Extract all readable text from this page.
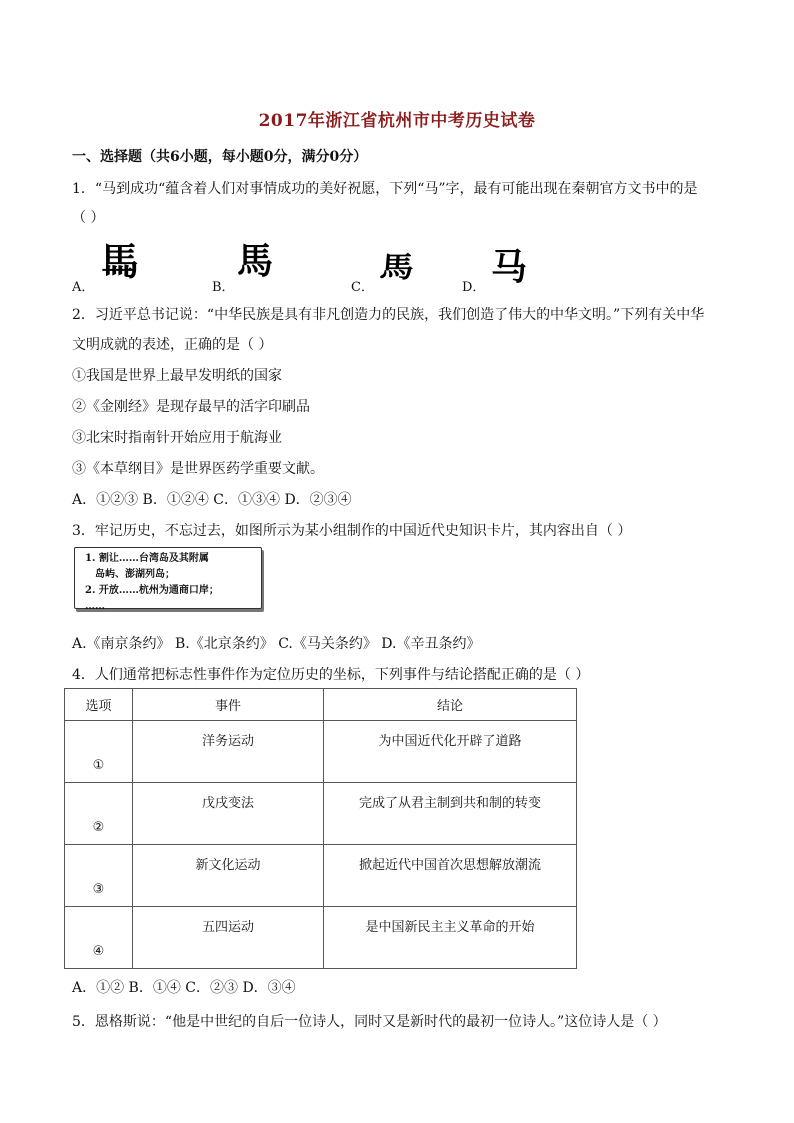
2017年浙江省杭州市中考历史试卷
一、选择题（共6小题，每小题0分，满分0分）
1．“马到成功“蕴含着人们对事情成功的美好祝愿，下列“马”字，最有可能出现在秦朝官方文书中的是
（ ）
A．
𩡧
B．
馬
C．
馬
D． 马
2．习近平总书记说：“中华民族是具有非凡创造力的民族，我们创造了伟大的中华文明。”下列有关中华
文明成就的表述，正确的是（ ）
①我国是世界上最早发明纸的国家
②《金刚经》是现存最早的活字印刷品
③北宋时指南针开始应用于航海业
③《本草纲目》是世界医药学重要文献。
A．①②③ B．①②④ C．①③④ D．②③④
3．牢记历史，不忘过去，如图所示为某小组制作的中国近代史知识卡片，其内容出自（ ）
1. 割让……台湾岛及其附属
岛屿、澎湖列岛；
2. 开放……杭州为通商口岸；
……
A.《南京条约》 B.《北京条约》 C.《马关条约》 D.《辛丑条约》
4．人们通常把标志性事件作为定位历史的坐标，下列事件与结论搭配正确的是（ ）
选项	事件	结论

①	洋务运动	为中国近代化开辟了道路

②	戊戌变法	完成了从君主制到共和制的转变

③	新文化运动	掀起近代中国首次思想解放潮流

④	五四运动	是中国新民主主义革命的开始
A．①② B．①④ C．②③ D．③④
5．恩格斯说：“他是中世纪的自后一位诗人，同时又是新时代的最初一位诗人。”这位诗人是（ ）
